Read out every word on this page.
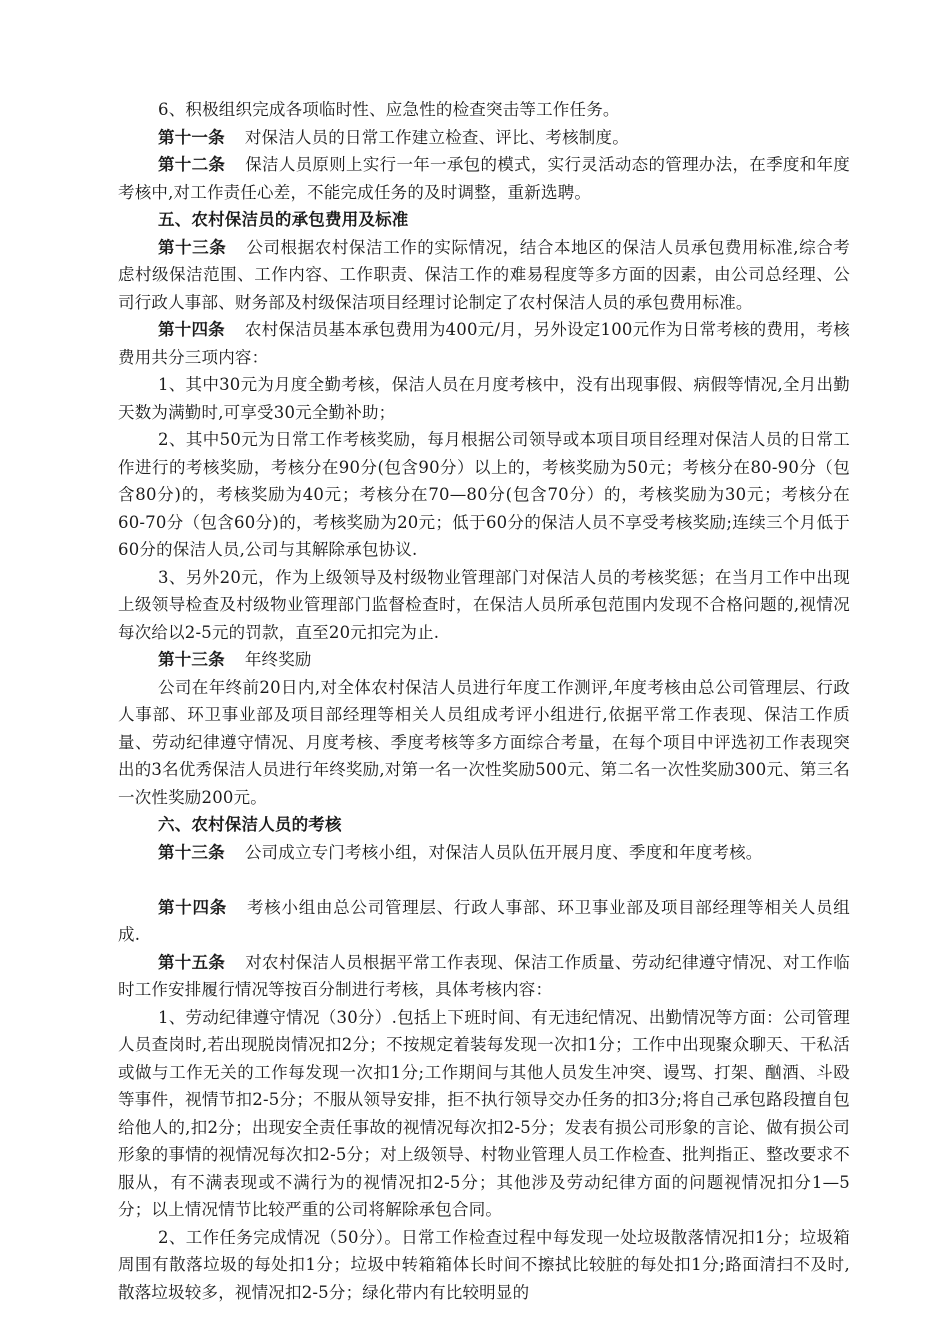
6、积极组织完成各项临时性、应急性的检查突击等工作任务。

第十一条 对保洁人员的日常工作建立检查、评比、考核制度。

第十二条 保洁人员原则上实行一年一承包的模式，实行灵活动态的管理办法，在季度和年度考核中,对工作责任心差，不能完成任务的及时调整，重新选聘。

五、农村保洁员的承包费用及标准

第十三条 公司根据农村保洁工作的实际情况，结合本地区的保洁人员承包费用标准,综合考虑村级保洁范围、工作内容、工作职责、保洁工作的难易程度等多方面的因素，由公司总经理、公司行政人事部、财务部及村级保洁项目经理讨论制定了农村保洁人员的承包费用标准。

第十四条 农村保洁员基本承包费用为400元/月，另外设定100元作为日常考核的费用，考核费用共分三项内容：

1、其中30元为月度全勤考核，保洁人员在月度考核中，没有出现事假、病假等情况,全月出勤天数为满勤时,可享受30元全勤补助；

2、其中50元为日常工作考核奖励，每月根据公司领导或本项目项目经理对保洁人员的日常工作进行的考核奖励，考核分在90分(包含90分）以上的，考核奖励为50元；考核分在80-90分（包含80分)的，考核奖励为40元；考核分在70—80分(包含70分）的，考核奖励为30元；考核分在60-70分（包含60分)的，考核奖励为20元；低于60分的保洁人员不享受考核奖励;连续三个月低于60分的保洁人员,公司与其解除承包协议.

3、另外20元，作为上级领导及村级物业管理部门对保洁人员的考核奖惩；在当月工作中出现上级领导检查及村级物业管理部门监督检查时，在保洁人员所承包范围内发现不合格问题的,视情况每次给以2-5元的罚款，直至20元扣完为止.

第十三条 年终奖励

公司在年终前20日内,对全体农村保洁人员进行年度工作测评,年度考核由总公司管理层、行政人事部、环卫事业部及项目部经理等相关人员组成考评小组进行,依据平常工作表现、保洁工作质量、劳动纪律遵守情况、月度考核、季度考核等多方面综合考量，在每个项目中评选初工作表现突出的3名优秀保洁人员进行年终奖励,对第一名一次性奖励500元、第二名一次性奖励300元、第三名一次性奖励200元。

六、农村保洁人员的考核

第十三条 公司成立专门考核小组，对保洁人员队伍开展月度、季度和年度考核。

第十四条 考核小组由总公司管理层、行政人事部、环卫事业部及项目部经理等相关人员组成.

第十五条 对农村保洁人员根据平常工作表现、保洁工作质量、劳动纪律遵守情况、对工作临时工作安排履行情况等按百分制进行考核，具体考核内容：

1、劳动纪律遵守情况（30分）.包括上下班时间、有无违纪情况、出勤情况等方面：公司管理人员查岗时,若出现脱岗情况扣2分；不按规定着装每发现一次扣1分；工作中出现聚众聊天、干私活或做与工作无关的工作每发现一次扣1分;工作期间与其他人员发生冲突、谩骂、打架、酗酒、斗殴等事件，视情节扣2-5分；不服从领导安排，拒不执行领导交办任务的扣3分;将自己承包路段擅自包给他人的,扣2分；出现安全责任事故的视情况每次扣2-5分；发表有损公司形象的言论、做有损公司形象的事情的视情况每次扣2-5分；对上级领导、村物业管理人员工作检查、批判指正、整改要求不服从，有不满表现或不满行为的视情况扣2-5分；其他涉及劳动纪律方面的问题视情况扣分1—5分；以上情况情节比较严重的公司将解除承包合同。

2、工作任务完成情况（50分）。日常工作检查过程中每发现一处垃圾散落情况扣1分；垃圾箱周围有散落垃圾的每处扣1分；垃圾中转箱箱体长时间不擦拭比较脏的每处扣1分;路面清扫不及时,散落垃圾较多，视情况扣2-5分；绿化带内有比较明显的
